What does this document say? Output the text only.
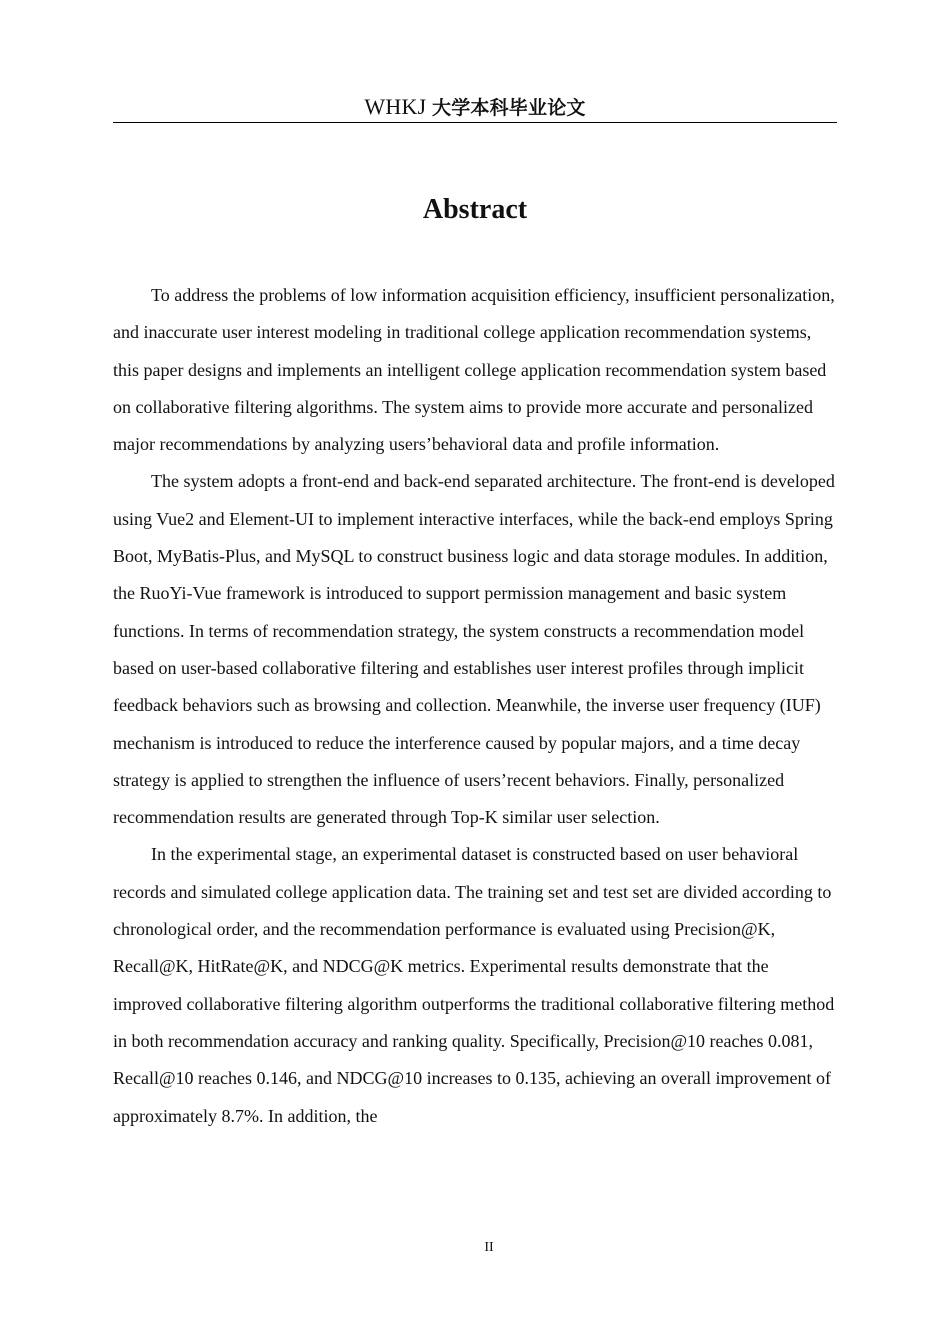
WHKJ 大学本科毕业论文
Abstract

To address the problems of low information acquisition efficiency, insufficient personalization, and inaccurate user interest modeling in traditional college application recommendation systems, this paper designs and implements an intelligent college application recommendation system based on collaborative filtering algorithms. The system aims to provide more accurate and personalized major recommendations by analyzing users’behavioral data and profile information.

The system adopts a front-end and back-end separated architecture. The front-end is developed using Vue2 and Element-UI to implement interactive interfaces, while the back-end employs Spring Boot, MyBatis-Plus, and MySQL to construct business logic and data storage modules. In addition, the RuoYi-Vue framework is introduced to support permission management and basic system functions. In terms of recommendation strategy, the system constructs a recommendation model based on user-based collaborative filtering and establishes user interest profiles through implicit feedback behaviors such as browsing and collection. Meanwhile, the inverse user frequency (IUF) mechanism is introduced to reduce the interference caused by popular majors, and a time decay strategy is applied to strengthen the influence of users’recent behaviors. Finally, personalized recommendation results are generated through Top-K similar user selection.

In the experimental stage, an experimental dataset is constructed based on user behavioral records and simulated college application data. The training set and test set are divided according to chronological order, and the recommendation performance is evaluated using Precision@K, Recall@K, HitRate@K, and NDCG@K metrics. Experimental results demonstrate that the improved collaborative filtering algorithm outperforms the traditional collaborative filtering method in both recommendation accuracy and ranking quality. Specifically, Precision@10 reaches 0.081, Recall@10 reaches 0.146, and NDCG@10 increases to 0.135, achieving an overall improvement of approximately 8.7%. In addition, the

II
